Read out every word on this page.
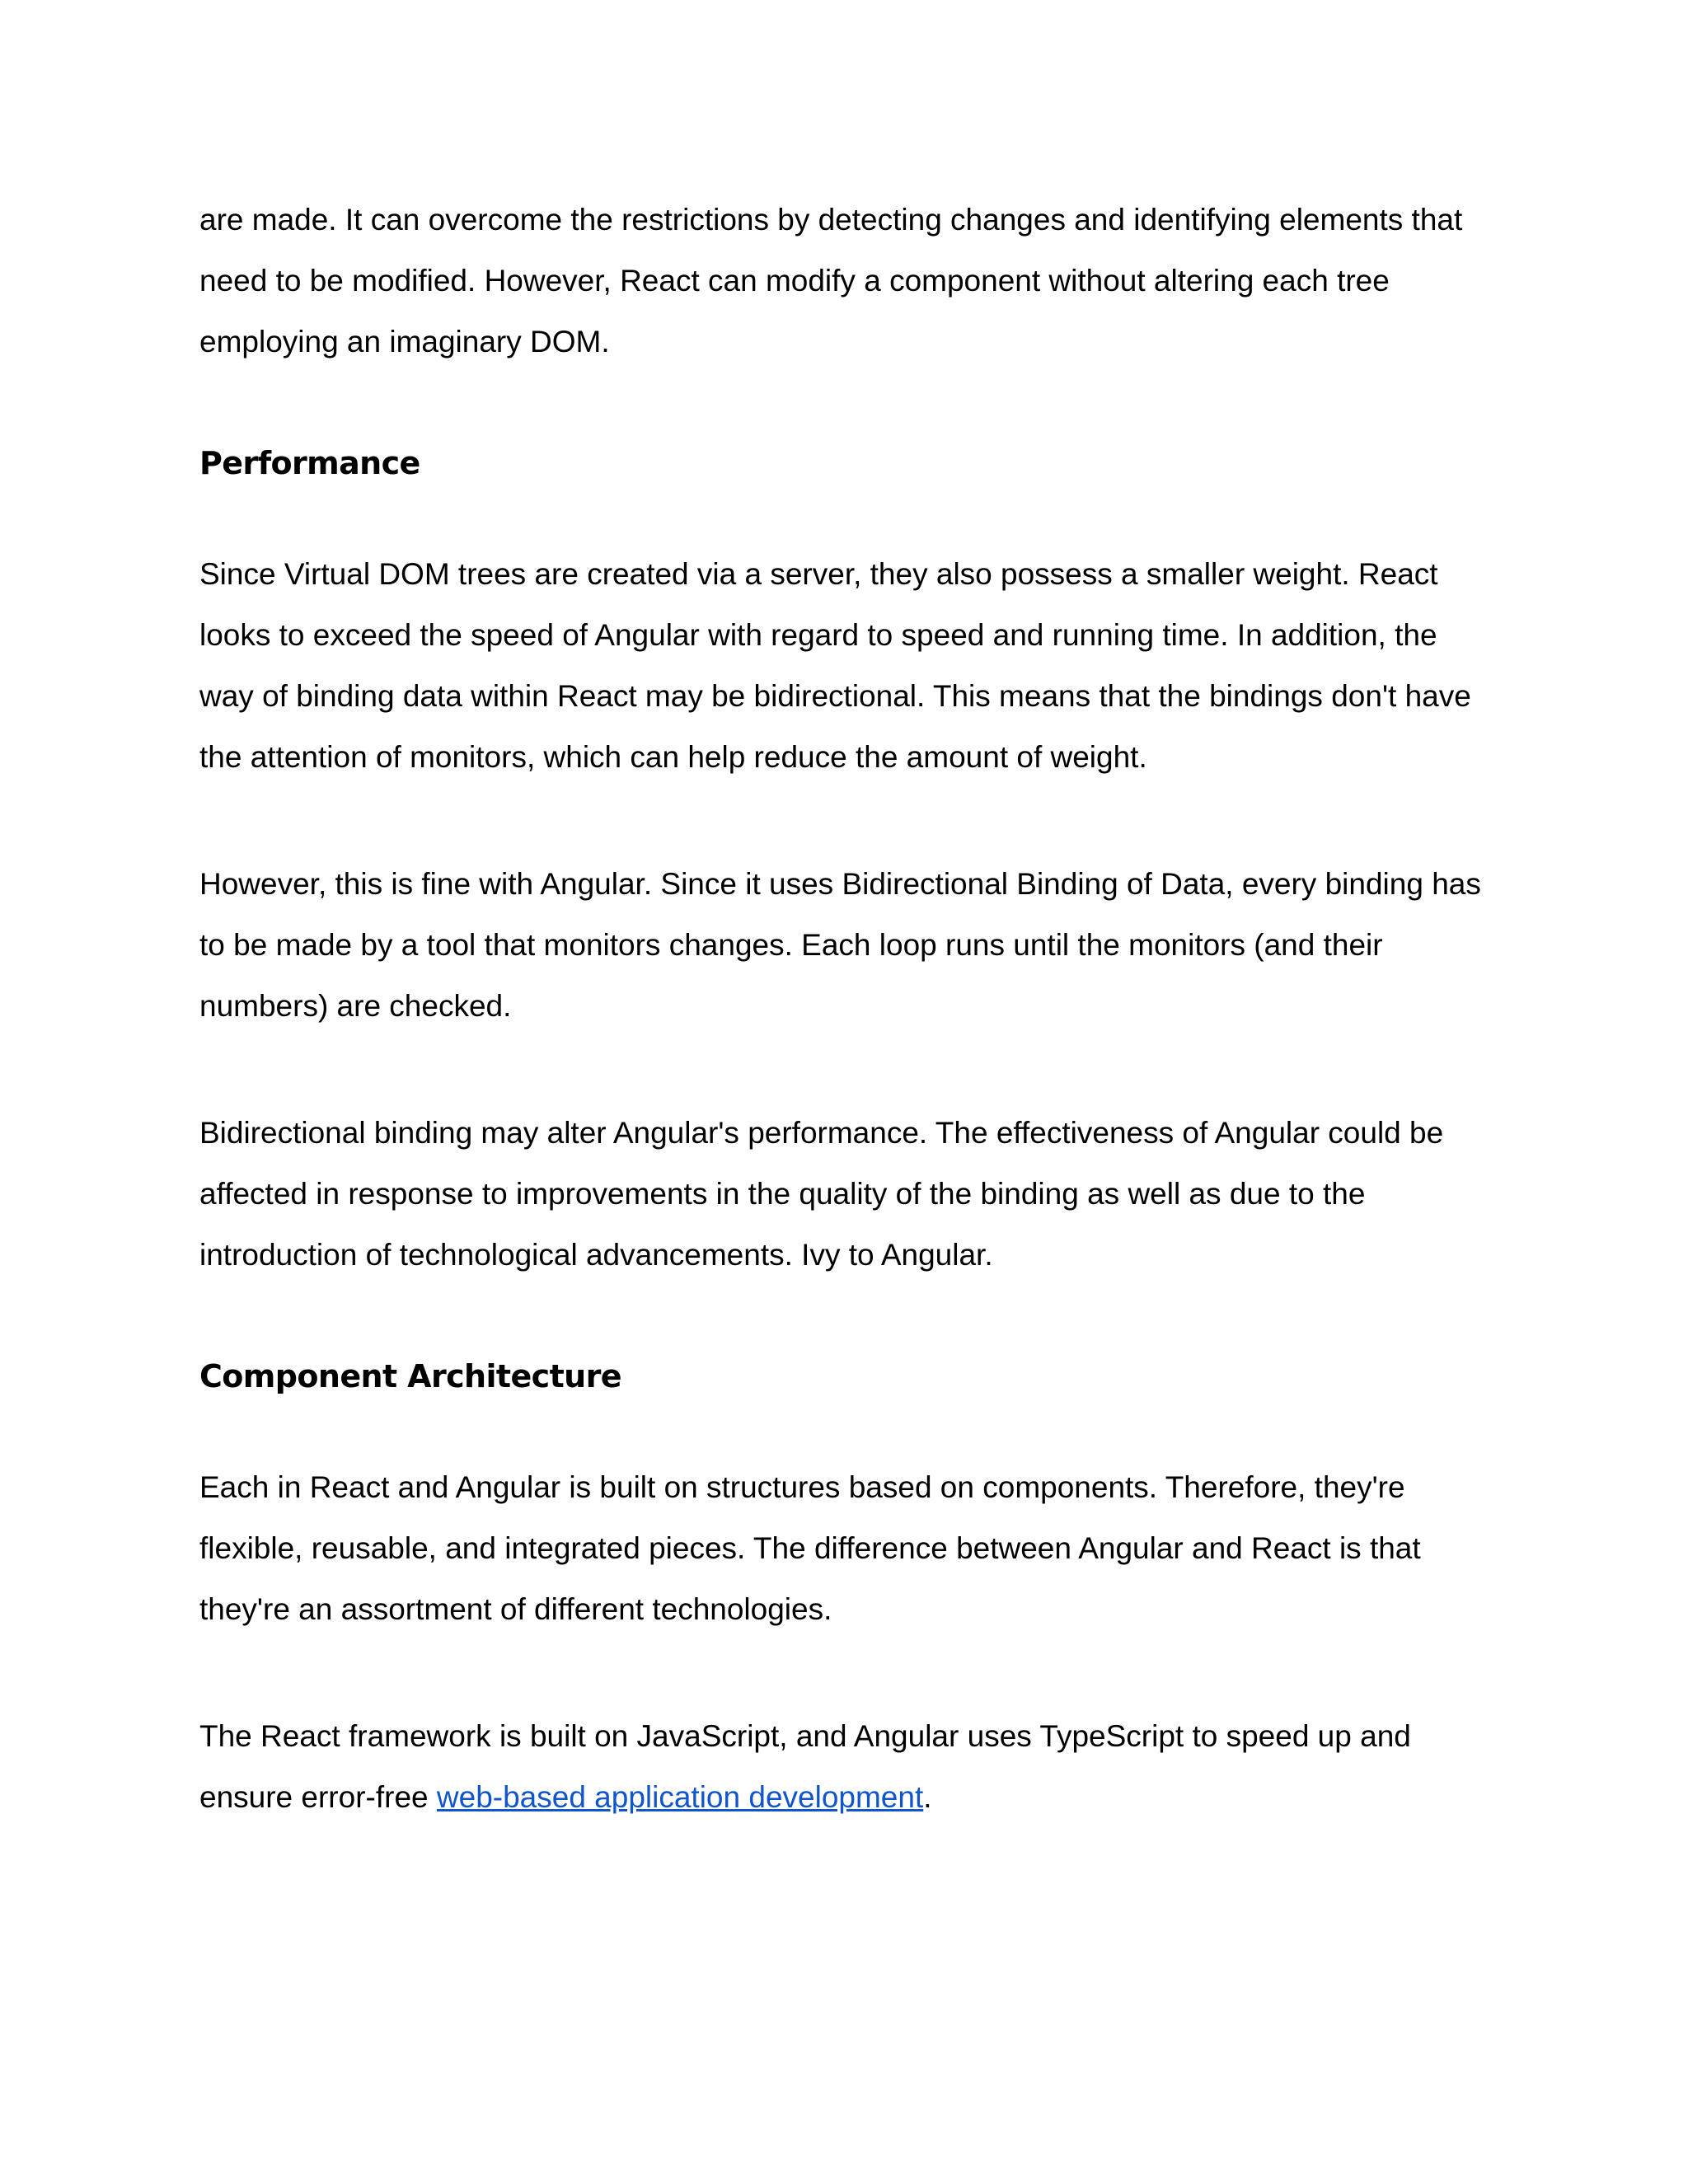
are made. It can overcome the restrictions by detecting changes and identifying elements that need to be modified. However, React can modify a component without altering each tree employing an imaginary DOM.

Performance

Since Virtual DOM trees are created via a server, they also possess a smaller weight. React looks to exceed the speed of Angular with regard to speed and running time. In addition, the way of binding data within React may be bidirectional. This means that the bindings don't have the attention of monitors, which can help reduce the amount of weight.

However, this is fine with Angular. Since it uses Bidirectional Binding of Data, every binding has to be made by a tool that monitors changes. Each loop runs until the monitors (and their numbers) are checked.

Bidirectional binding may alter Angular's performance. The effectiveness of Angular could be affected in response to improvements in the quality of the binding as well as due to the introduction of technological advancements. Ivy to Angular.

Component Architecture

Each in React and Angular is built on structures based on components. Therefore, they're flexible, reusable, and integrated pieces. The difference between Angular and React is that they're an assortment of different technologies.

The React framework is built on JavaScript, and Angular uses TypeScript to speed up and ensure error-free web-based application development.
